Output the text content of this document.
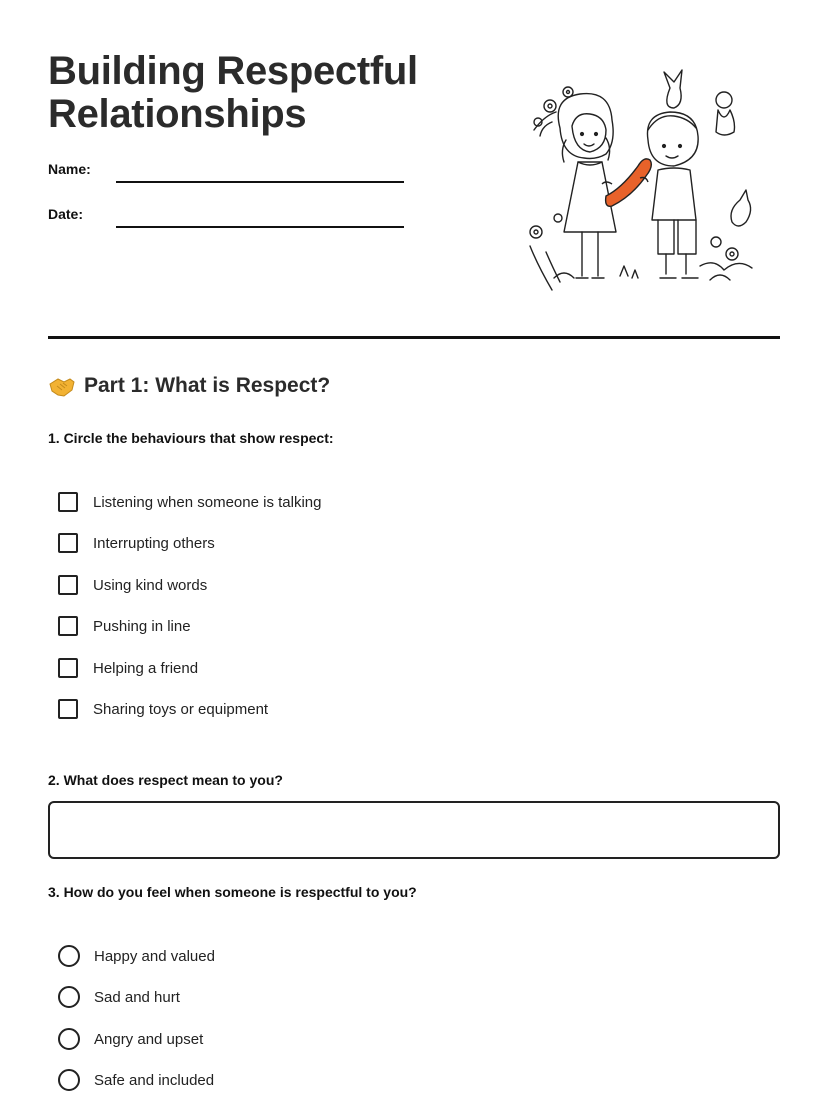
Building Respectful Relationships
Name:
Date:
Part 1: What is Respect?
1. Circle the behaviours that show respect:
Listening when someone is talking
Interrupting others
Using kind words
Pushing in line
Helping a friend
Sharing toys or equipment
2. What does respect mean to you?
3. How do you feel when someone is respectful to you?
Happy and valued
Sad and hurt
Angry and upset
Safe and included
